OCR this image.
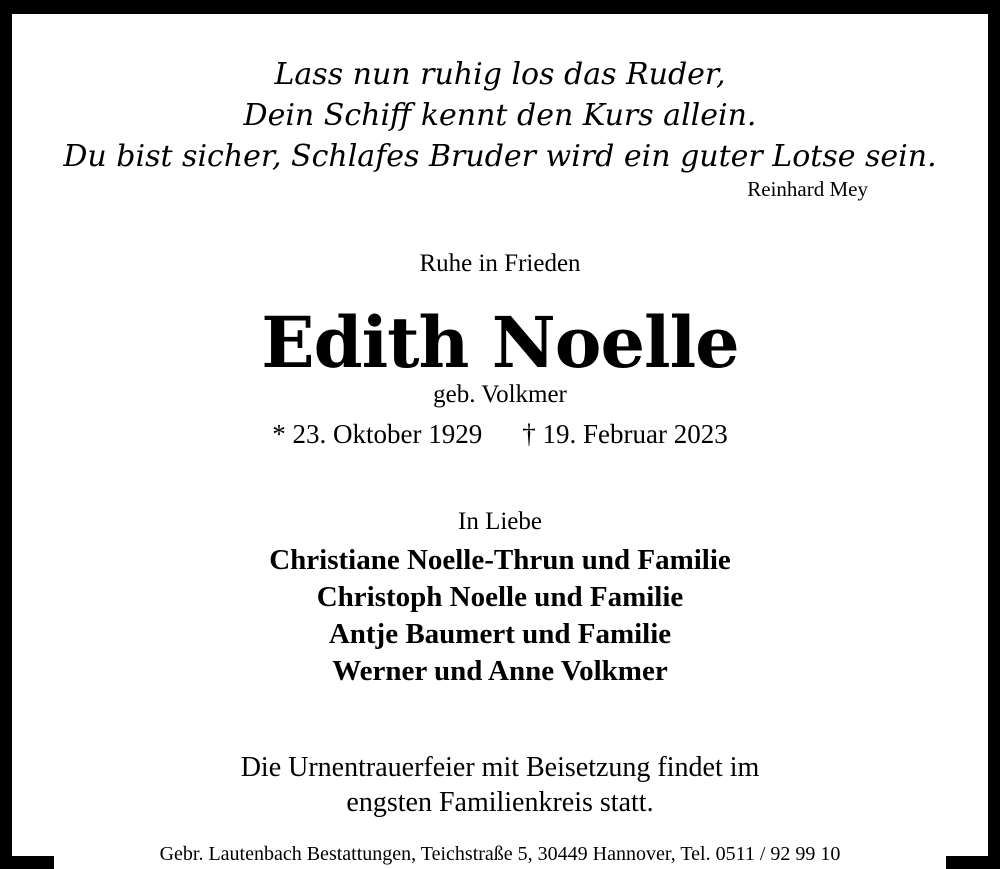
Lass nun ruhig los das Ruder,
Dein Schiff kennt den Kurs allein.
Du bist sicher, Schlafes Bruder wird ein guter Lotse sein.
Reinhard Mey
Ruhe in Frieden
Edith Noelle
geb. Volkmer
* 23. Oktober 1929 † 19. Februar 2023
In Liebe
Christiane Noelle-Thrun und Familie
Christoph Noelle und Familie
Antje Baumert und Familie
Werner und Anne Volkmer
Die Urnentrauerfeier mit Beisetzung findet im
engsten Familienkreis statt.
Gebr. Lautenbach Bestattungen, Teichstraße 5, 30449 Hannover, Tel. 0511 / 92 99 10
